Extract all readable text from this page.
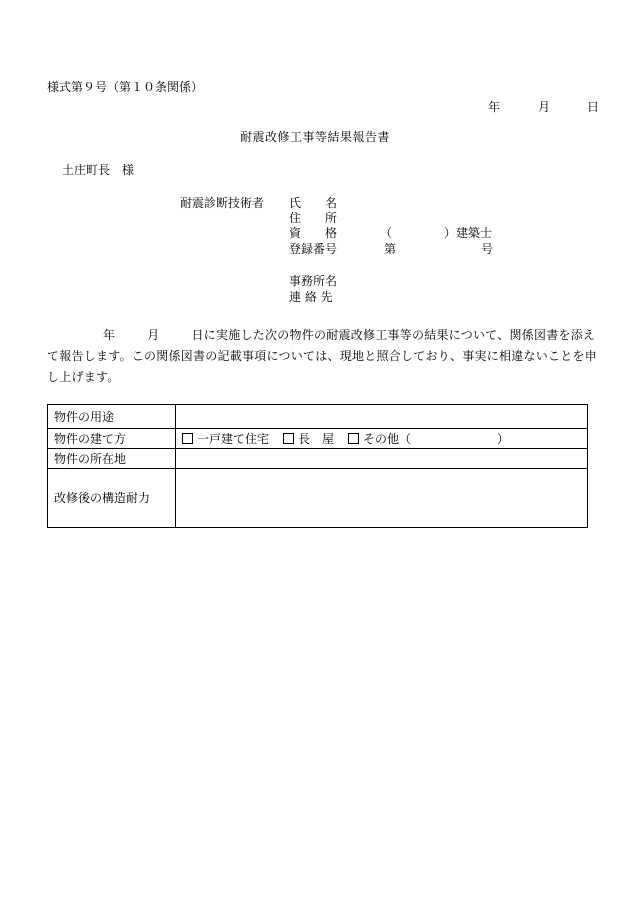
様式第９号（第１０条関係）
年	月	日
耐震改修工事等結果報告書
土庄町長　様
耐震診断技術者 氏　　名
住　　所
資　　格	（	）建築士
登録番号	第	号
事務所名
連 絡 先
年	月	日に実施した次の物件の耐震改修工事等の結果について、関係図書を添えて報告します。この関係図書の記載事項については、現地と照合しており、事実に相違ないことを申し上げます。
物件の用途	
物件の建て方	一戸建て住宅 長　屋 その他（ ）
物件の所在地	
改修後の構造耐力	
